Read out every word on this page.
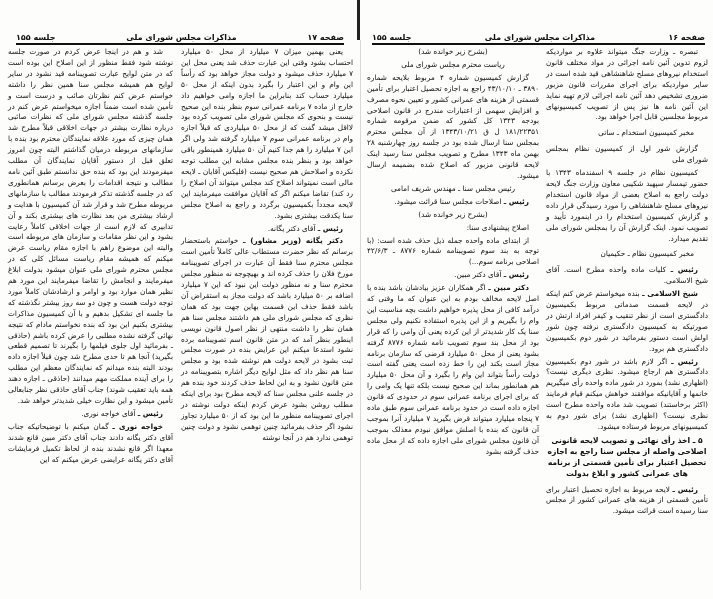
صفحه ۱۷
مذاکرات مجلس شورای ملی
جلسه ۱۵۵	صفحه ۱۶
مذاکرات مجلس شورای ملی
جلسه ۱۵۵

شد و هم در اینجا عرض کردم در صورت جلسه نوشته شود فقط منظور از این اصلاح این بوده است که در متن لوایح عبارت تصویبنامه قید نشود در سایر لوایح هم همیشه مجلس سنا همین نظر را داشته خواستم عرض کنم نظرتان صائب و درست است و تأمین شده است ضمناً اجازه میخواستم عرض کنم در جلسه گذشته مجلس شورای ملی که نظرات صائبی درباره نظارت بیشتر در جهات اخلاقی قبلاً مطرح شد همان چیزی که مورد علاقه نمایندگان محترم بود بنده با سازمانهای مربوطه درمیان گذاشتم البته چون امروز تعلق قبل از دستور آقایان نمایندگان آن مطلب میفرمودند این بود که بنده حق ندانستم طبق آئین نامه مطالب و نتیجه اقدامات را بعرض برسانم همانطوری که در جلسه گذشته تذکر فرمودند مطالب با سازمانهای مربوطه مطرح شد و قرار شد آن کمیسیون با هدایت و ارشاد بیشتری من بعد نظارت های بیشتری بکند و آن تدابیری که لازم است از جهات اخلاقی کاملاً رعایت بشود و این نظر مقامات و سازمان های مربوطه است والبته این موضوع راهم با اجازه مقام ریاست عرض میکنم که همیشه مقام ریاست مسائل کلی که در مجلس محترم شورای ملی عنوان میشود بدولت ابلاغ میفرمایند و انجامش را تقاضا میفرمایند این مورد هم نظیر همان موارد بود و اوامر و ارشادشان کاملاً مورد توجه دولت هست و چون دو سه روز بیشتر نگذشته که ما جلسه ای تشکیل بدهیم و با آن کمیسیون مذاکرات بیشتری بکنیم این بود که بنده نخواستم مادام که نتیجه نهائی گرفته نشده مطلبی را عرض کرده باشم (حاذقی ـ بفرمائید اول جلوی فیلمها را بگیرند تا تصمیم قطعی بگیرید) آنجا هم تا حدی مطرح شد چون قبلاً اجازه داده بودند البته بنده میدانم که نمایندگان معظم این مطلب را برای آینده مملکت مهم میدانند (حاذقی ـ اجازه دهند همه باید تعقیب شوند) جناب آقای حاذقی نظر جنابعالی تأمین میشود و این نظارت خیلی شدیدتر خواهد شد.

رئیس ـ آقای خواجه نوری.

خواجه نوری ـ گمان میکنم با توضیحاتیکه جناب آقای دکتر یگانه دادند جناب آقای دکتر مبین قانع شدند معهذا اگر قانع نشدند بنده از لحاظ تکمیل فرمایشات آقای دکتر یگانه عرایضی عرض میکنم که این

یعنی بهمین میزان ۷ میلیارد از محل ۵۰ میلیارد احتساب بشود وقتی این عبارت حذف شد یعنی محل این ۷ میلیارد حذف میشود و دولت مجاز خواهد بود که رأساً این وام و این اعتبار را بگیرد بدون اینکه از محل ۵۰ میلیارد حساب کند بنابراین ما اجازه وامی خواهیم داد خارج از ماده ۷ برنامه عمرانی سوم بنظر بنده این صحیح نیست و بنحوی که مجلس شورای ملی تصویب کرده بود لااقل میشد گفت که از محل ۵۰ میلیاردی که قبلاً اجازه وام در برنامه عمرانی سوم ۷ میلیارد گرفته شد ولی اگر این ۷ میلیارد را هم جدا کنیم آن ۵۰ میلیارد همینطور باقی خواهد بود و بنظر بنده مجلس مشابه این مطلب توجه نکرده و اصلاحش هم صحیح نیست (فلیکس آقایان ـ لایحه مالی است نمیتواند اصلاح کند مجلس میتواند آن اصلاح را رد کند) تقاضا میکنم اگر که آقایان موافقت میفرمایند این لایحه مجدداً بکمیسیون برگردد و راجع به اصلاح مجلس سنا یکدقت بیشتری بشود.

رئیس ـ آقای دکتر یگانه.

دکتر یگانه (وزیر مشاور) ـ خواستم باستحضار برسانم که نظر حضرت مستطاب عالی کاملاً تأمین است مجلس محترم سنا فقط آن عبارت در اجرای تصویبنامه مورخ فلان را حذف کرده اند و بهیچوجه نه منظور مجلس محترم سنا و نه منظور دولت این نبود که این ۷ میلیارد اضافه بر ۵۰ میلیارد باشد که دولت مجاز به استقراض آن باشد فقط حذف این قسمت بهاین جهت بود که همان نظری که مجلس شورای ملی هم داشتند مجلس سنا هم همان نظر را داشت منتهی از نظر اصول قانون نویسی اینطور بنظر آمد که در متن قانون اسم تصویبنامه برده نشود استدعا میکنم این عرایض بنده در صورت مجلس ثبت بشود در لایحه دولت هم نوشته شده بود و مجلس سنا هم نظر داد که مثل لوایح دیگر اشاره بتصویبنامه در متن قانون نشود و به این لحاظ حذف کردند خود بنده هم در جلسه علنی مجلس سنا که لایحه مطرح بود برای اینکه مطلب روشن بشود عرض کردم اینکه دولت نوشته در اجرای تصویبنامه منظور ما این بود که از ۵۰ میلیارد تجاوز نشود اگر حذف بفرمائید چنین توهمی نشود و دولت چنین توهمی ندارد هم در آنجا نوشته

(بشرح زیر خوانده شد)

ریاست محترم مجلس شورای ملی

گزارش کمیسیون شماره ۴ مربوط بلایحه شماره ۳۸۹۰ ـ ۴۳/۱۰/۱۰ راجع به اجازه تحصیل اعتبار برای تأمین قسمتی از هزینه های عمرانی کشور و تعیین نحوه مصرف و افزایش سهمی از اعتبارات مندرج در قانون اصلاحی بودجه ۱۳۴۳ کل کشور که ضمن مرقومه شماره ۱۸۱/۲۲۳۵۱ ل ق ۱۳۴۳/۱۰/۲۱ از آن مجلس محترم بمجلس سنا ارسال شده بود در جلسه روز چهارشنبه ۲۸ بهمن ماه ۱۳۴۳ مطرح و تصویب مجلس سنا رسید اینک لایحه قانونی مزبور که اصلاح شده بضمیمه ارسال میشود.

رئیس مجلس سنا ـ مهندس شریف امامی

رئیس ـ اصلاحات مجلس سنا قرائت میشود.

(بشرح زیر خوانده شد)

اصلاح پیشنهادی سنا:

از ابتدای ماده واحده جمله ذیل حذف شده است: (با توجه به بند سوم تصویبنامه شماره ۸۷۷۶ ـ ۴۲/۶/۳ اصلاحی برنامه سوم...)

رئیس ـ آقای دکتر مبین.

دکتر مبین ـ اگر همکاران عزیز بیادشان باشد بنده با اصل لایحه مخالف بودم به این عنوان که ما وقتی که درآمد کافی از محل پذیره خواهیم داشت بچه مناسبت این وام را بگیریم و از این پذیره استفاده نکنیم ولی مجلس سنا یک کار شدیدتر از این کرده یعنی آن وامی را که قرار بود از محل بند سوم تصویب نامه شماره ۸۷۷۶ گرفته بشود یعنی از محل ۵۰ میلیارد قرضی که سازمان برنامه مجاز است بکند این را خط زده است یعنی گفته است دولت رأساً بتواند این وام را بگیرد و آن محل ۵۰ میلیارد هم همانطور بماند این صحیح نیست بلکه تنها یک وامی را که برای اجرای برنامه عمرانی سوم در حدودی که قانون اجازه داده است در حدود برنامه عمرانی سوم طبق ماده ۷ پنجاه میلیارد میتواند قرض بگیرید ۷ میلیارد آنرا بموجب آن قانون که بنده با اصلش موافق نبودم معذلک بموجب آن قانون مجلس شورای ملی اجازه داده که از محل ماده حذف گرفته بشود

تبصره ـ وزارت جنگ میتواند علاوه بر مواردیکه لزوم تدوین آئین نامه اجرائی در مواد مختلف قانون استخدام نیروهای مسلح شاهنشاهی قید شده است در سایر مواردیکه برای اجرای مقررات قانون مزبور ضروری تشخیص دهد آئین نامه اجرائی لازم تهیه نماید این آئین نامه ها نیز پس از تصویب کمیسیونهای مربوط مجلسین قابل اجرا خواهد بود.

مخبر کمیسیون استخدام ـ ساتی

گزارش شور اول از کمیسیون نظام بمجلس شورای ملی

کمیسیون نظام در جلسه ۹ اسفندماه ۱۳۴۳ با حضور تیمسار سپهبد شکیبی معاون وزارت جنگ لایحه دولت راجع به اصلاح بعضی از مواد قانون استخدام نیروهای مسلح شاهنشاهی را مورد رسیدگی قرار داده و گزارش کمیسیون استخدام را در اینمورد تأیید و تصویب نمود. اینک گزارش آن را بمجلس شورای ملی تقدیم میدارد.

مخبر کمیسیون نظام ـ حکیمیان

رئیس ـ کلیات ماده واحده مطرح است. آقای شیخ الاسلامی.

شیخ الاسلامی ـ بنده میخواستم عرض کنم اینکه در لایحه قسمت صدماتی مربوط بکمیسیون دادگستری است از نظر تنقیب و کیفر افراد ارتش در صورتیکه به کمیسیون دادگستری نرفته چون شور اولش است دستور بفرمائید در شور دوم بکمیسیون دادگستری هم برود.

رئیس ـ اگر لازم باشد در شور دوم بکمیسیون دادگستری هم ارجاع میشود. نظری دیگری نیست؟ (اظهاری نشد) بمورد در شور ماده واحده رأی میگیریم خانمها و آقایانیکه موافقند خواهش میکنم قیام فرمایند (اکثر برخاستند) تصویب شد ماده واحده مطرح است نظری نیست؟ (اظهاری نشد) برای شور دوم به کمیسیونهای مربوط فرستاده میشود.

۵ ـ اخذ رأی نهائی و تصویب لایحه قانونی اصلاحی واصله از مجلس سنا راجع به اجازه تحصیل اعتبار برای تأمین قسمتی از برنامه های عمرانی کشور و ابلاغ بدولت

رئیس ـ لایحه مربوط به اجازه تحصیل اعتبار برای تأمین قسمتی از هزینه های عمرانی کشور از مجلس سنا رسیده است قرائت میشود.
